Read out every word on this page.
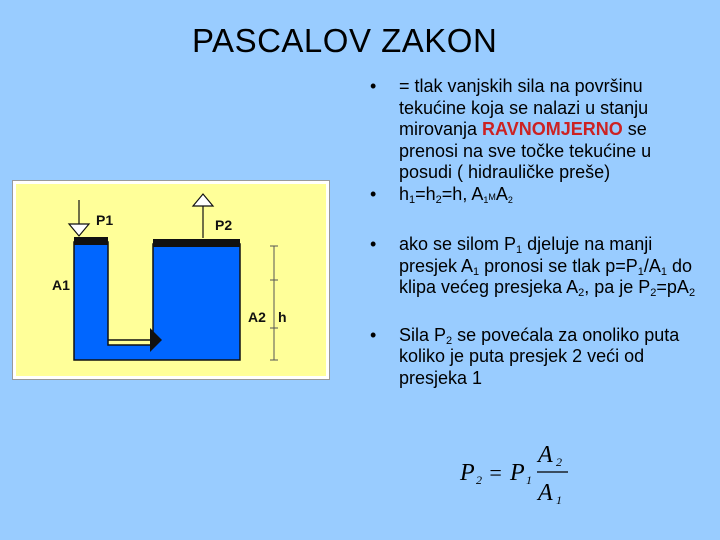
PASCALOV ZAKON
P1	P2
A1
A2 h
• = tlak vanjskih sila na površinu tekućine koja se nalazi u stanju mirovanja RAVNOMJERNO se prenosi na sve točke tekućine u posudi ( hidrauličke preše)
• $h_1=h_2=h$, $A_1MA_2$
• ako se silom $P_1$ djeluje na manji presjek $A_1$ pronosi se tlak $p=P_1/A_1$ do klipa većeg presjeka $A_2$, pa je $P_2=pA_2$
• Sila $P_2$ se povećala za onoliko puta koliko je puta presjek 2 veći od presjeka 1
P 2 = P 1
A 2
A 1
